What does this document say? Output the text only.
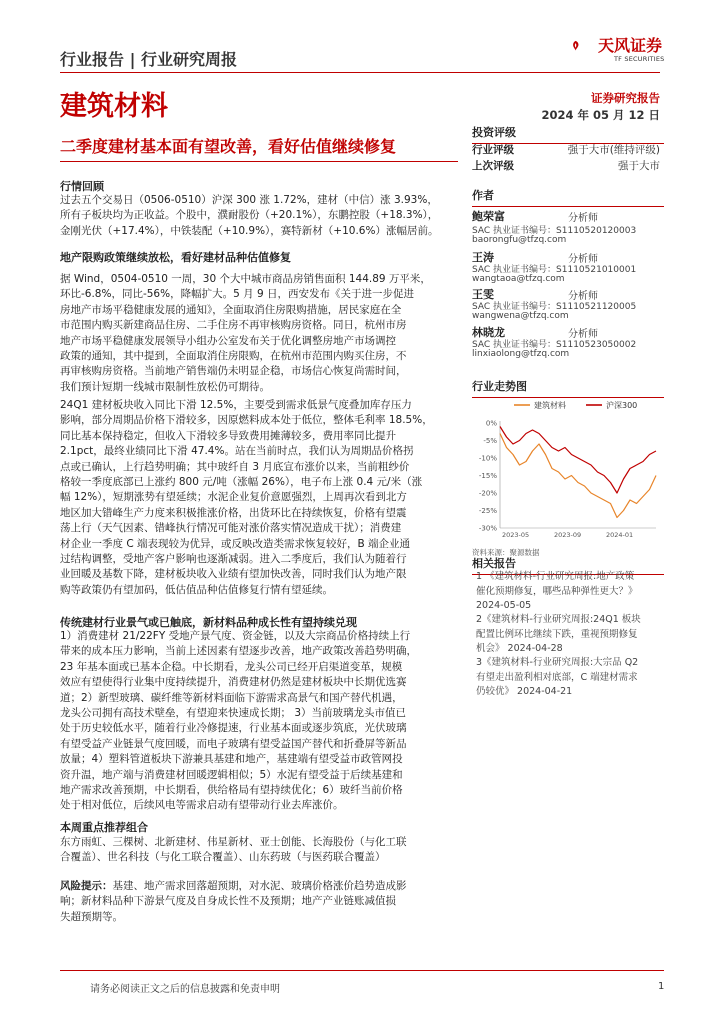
行业报告 | 行业研究周报
天风证券
TF SECURITIES
建筑材料	证券研究报告
2024 年 05 月 12 日
二季度建材基本面有望改善，看好估值继续修复
行情回顾
过去五个交易日（0506-0510）沪深 300 涨 1.72%，建材（中信）涨 3.93%，
所有子板块均为正收益。个股中，濮耐股份（+20.1%），东鹏控股（+18.3%），
金刚光伏（+17.4%），中铁装配（+10.9%），赛特新材（+10.6%）涨幅居前。
地产限购政策继续放松，看好建材品种估值修复
据 Wind，0504-0510 一周，30 个大中城市商品房销售面积 144.89 万平米，
环比-6.8%，同比-56%，降幅扩大。5 月 9 日，西安发布《关于进一步促进
房地产市场平稳健康发展的通知》，全面取消住房限购措施，居民家庭在全
市范围内购买新建商品住房、二手住房不再审核购房资格。同日，杭州市房
地产市场平稳健康发展领导小组办公室发布关于优化调整房地产市场调控
政策的通知，其中提到，全面取消住房限购，在杭州市范围内购买住房，不
再审核购房资格。当前地产销售端仍未明显企稳，市场信心恢复尚需时间，
我们预计短期一线城市限制性放松仍可期待。
24Q1 建材板块收入同比下滑 12.5%，主要受到需求低景气度叠加库存压力
影响，部分周期品价格下滑较多，因原燃料成本处于低位，整体毛利率 18.5%，
同比基本保持稳定，但收入下滑较多导致费用摊薄较多，费用率同比提升
2.1pct，最终业绩同比下滑 47.4%。站在当前时点，我们认为周期品价格拐
点或已确认，上行趋势明确；其中玻纤自 3 月底宣布涨价以来，当前粗纱价
格较一季度底部已上涨约 800 元/吨（涨幅 26%），电子布上涨 0.4 元/米（涨
幅 12%），短期涨势有望延续；水泥企业复价意愿强烈，上周再次看到北方
地区加大错峰生产力度来积极推涨价格，出货环比在持续恢复，价格有望震
荡上行（天气因素、错峰执行情况可能对涨价落实情况造成干扰）；消费建
材企业一季度 C 端表现较为优异，或反映改造类需求恢复较好，B 端企业通
过结构调整，受地产客户影响也逐渐减弱。进入二季度后，我们认为随着行
业回暖及基数下降，建材板块收入业绩有望加快改善，同时我们认为地产限
购等政策仍有望加码，低估值品种估值修复行情有望延续。
传统建材行业景气或已触底，新材料品种成长性有望持续兑现
1）消费建材 21/22FY 受地产景气度、资金链，以及大宗商品价格持续上行
带来的成本压力影响，当前上述因素有望逐步改善，地产政策改善趋势明确，
23 年基本面或已基本企稳。中长期看，龙头公司已经开启渠道变革，规模
效应有望使得行业集中度持续提升，消费建材仍然是建材板块中长期优选赛
道；2）新型玻璃、碳纤维等新材料面临下游需求高景气和国产替代机遇，
龙头公司拥有高技术壁垒，有望迎来快速成长期； 3）当前玻璃龙头市值已
处于历史较低水平，随着行业冷修提速，行业基本面或逐步筑底，光伏玻璃
有望受益产业链景气度回暖，而电子玻璃有望受益国产替代和折叠屏等新品
放量；4）塑料管道板块下游兼具基建和地产，基建端有望受益市政管网投
资升温，地产端与消费建材回暖逻辑相似；5）水泥有望受益于后续基建和
地产需求改善预期，中长期看，供给格局有望持续优化；6）玻纤当前价格
处于相对低位，后续风电等需求启动有望带动行业去库涨价。
本周重点推荐组合
东方雨虹、三棵树、北新建材、伟星新材、亚士创能、长海股份（与化工联
合覆盖）、世名科技（与化工联合覆盖）、山东药玻（与医药联合覆盖）
风险提示：基建、地产需求回落超预期，对水泥、玻璃价格涨价趋势造成影
响；新材料品种下游景气度及自身成长性不及预期；地产产业链账减值损
失超预期等。
投资评级
行业评级	强于大市(维持评级)
上次评级	强于大市
作者
鲍荣富	分析师
SAC 执业证书编号：S1110520120003
baorongfu@tfzq.com
王涛	分析师
SAC 执业证书编号：S1110521010001
wangtaoa@tfzq.com
王雯	分析师
SAC 执业证书编号：S1110521120005
wangwena@tfzq.com
林晓龙	分析师
SAC 执业证书编号：S1110523050002
linxiaolong@tfzq.com
行业走势图
建筑材料	沪深300
0%
-5%
-10%
-15%
-20%
-25%
-30%
2023-05	2023-09	2024-01
资料来源：聚源数据
相关报告
1 《建筑材料-行业研究周报:地产政策
催化预期修复，哪些品种弹性更大？》
2024-05-05
2《建筑材料-行业研究周报:24Q1 板块
配置比例环比继续下跌，重视预期修复
机会》 2024-04-28
3《建筑材料-行业研究周报:大宗品 Q2
有望走出盈利相对底部，C 端建材需求
仍较优》 2024-04-21
请务必阅读正文之后的信息披露和免责申明	1
